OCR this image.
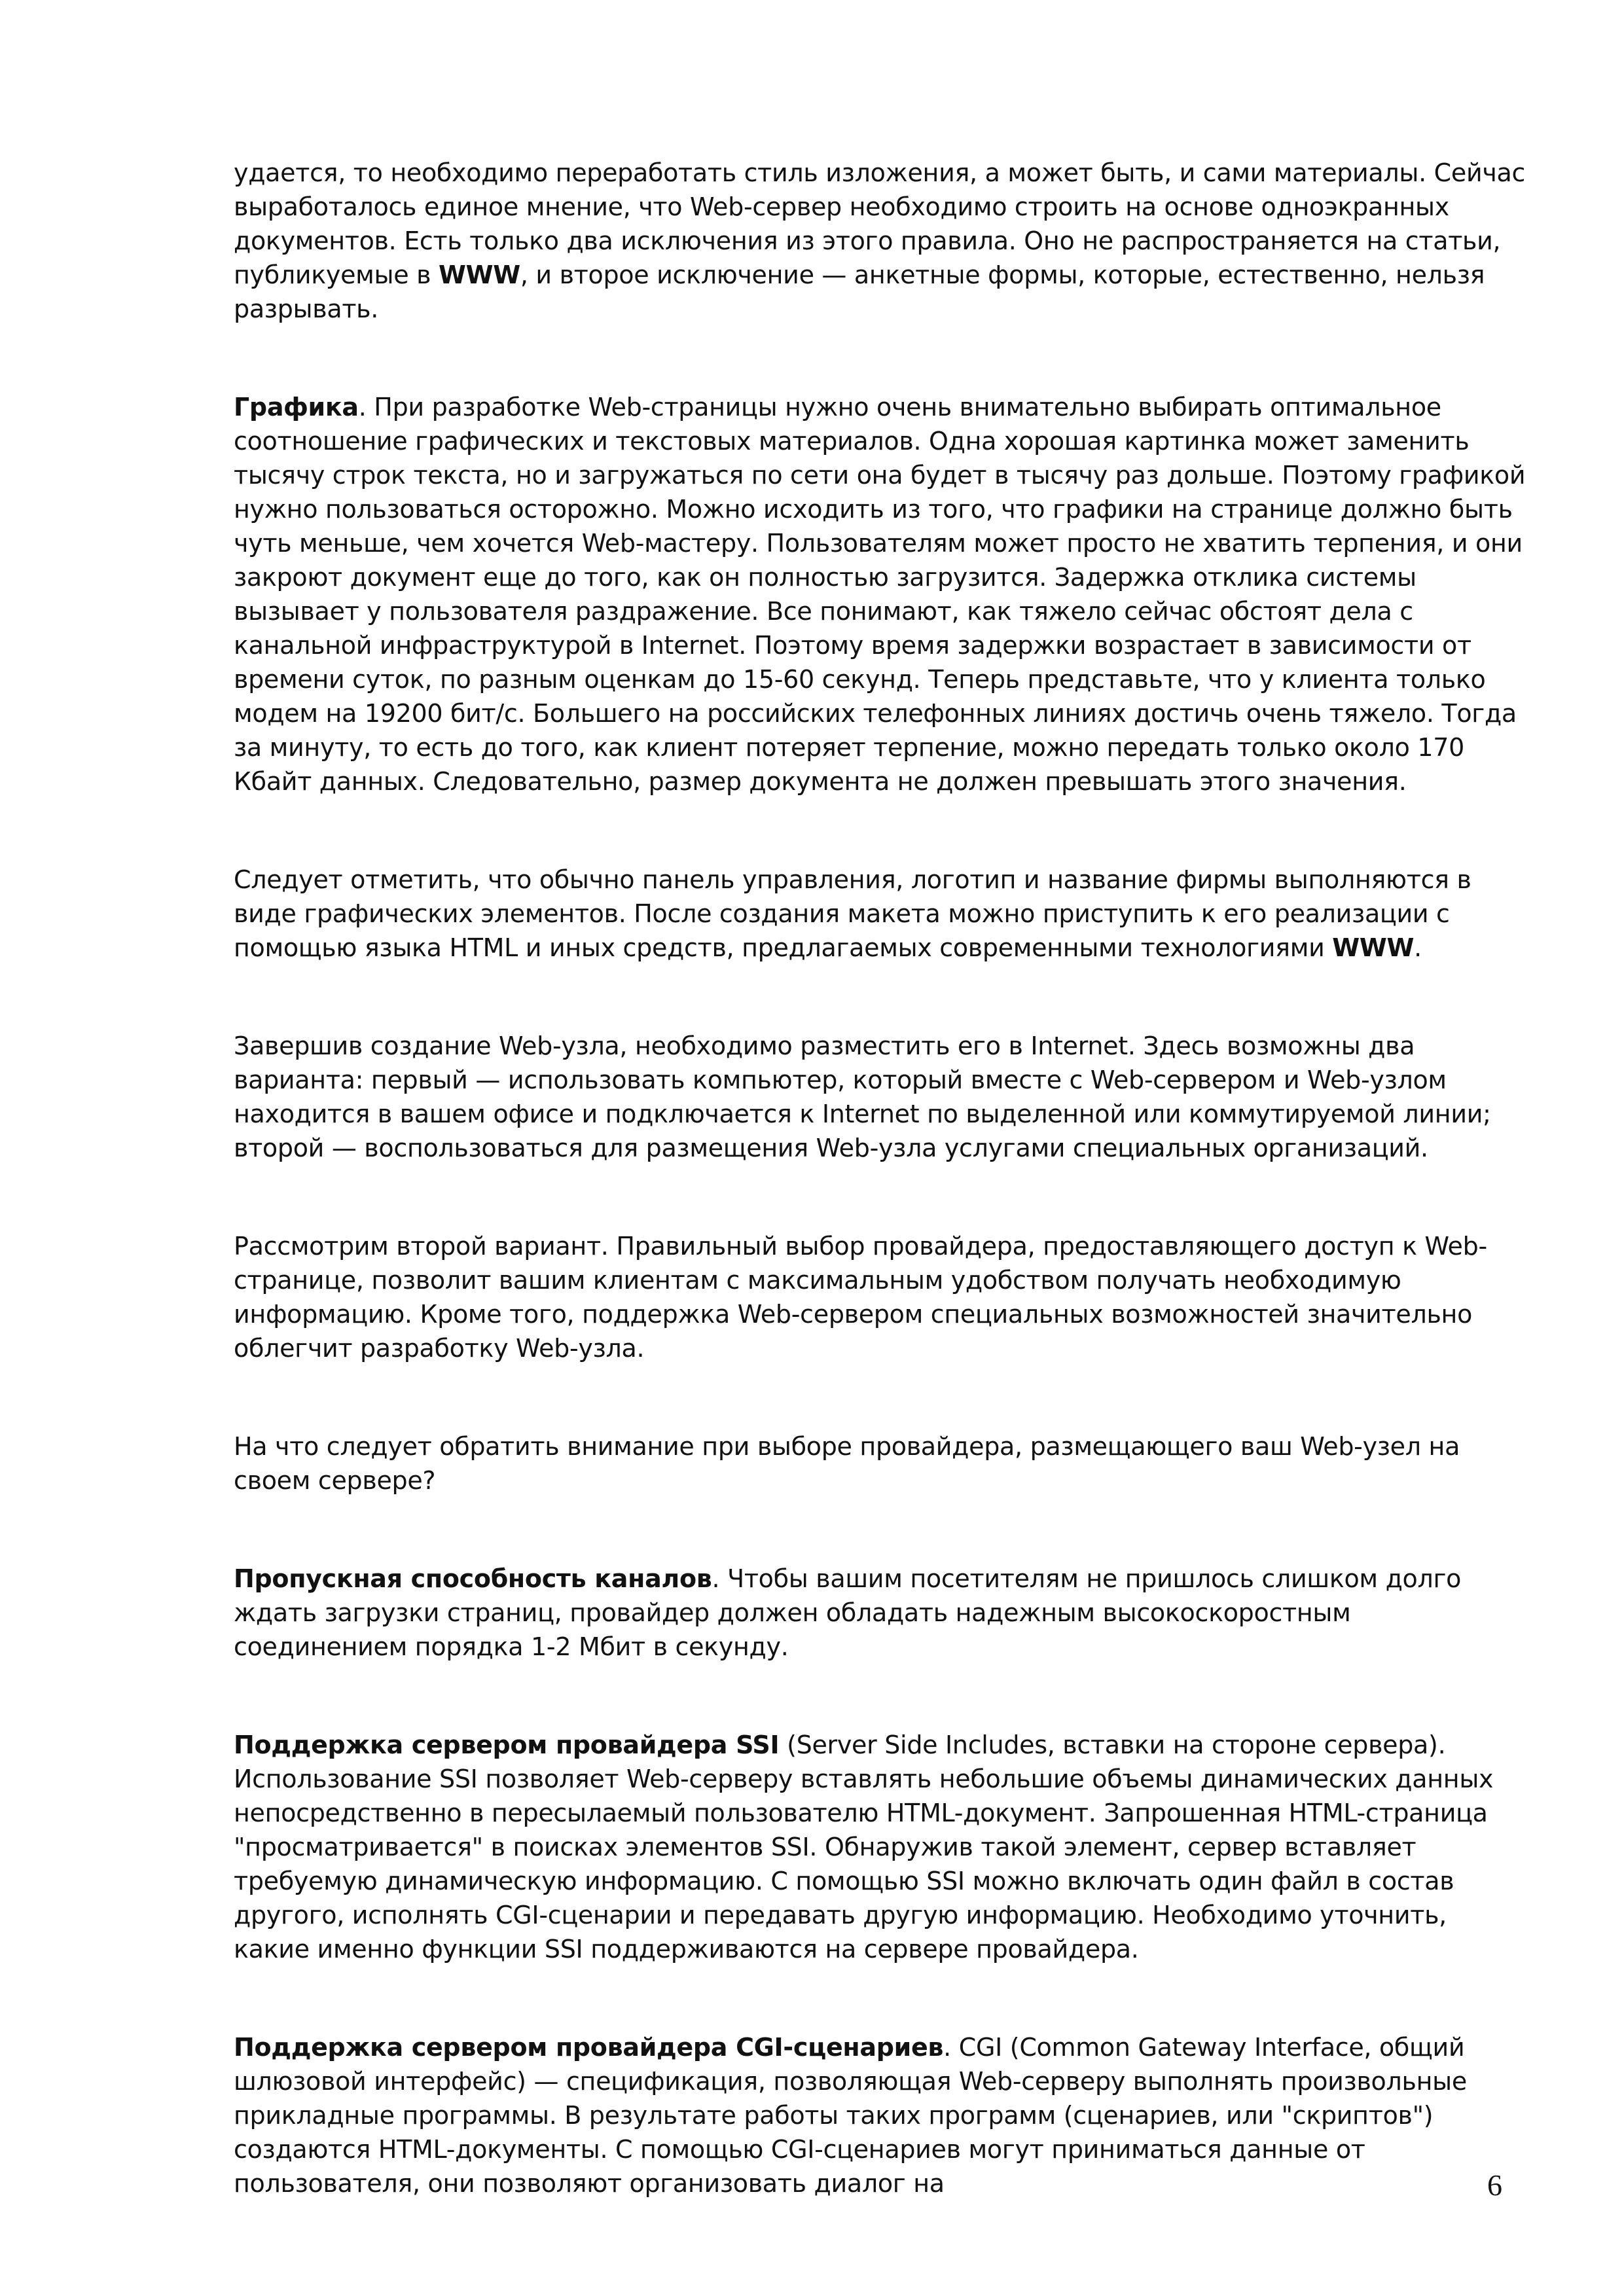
удается, то необходимо переработать стиль изложения, а может быть, и сами материалы. Сейчас выработалось единое мнение, что Web-сервер необходимо строить на основе одноэкранных документов. Есть только два исключения из этого правила. Оно не распространяется на статьи, публикуемые в WWW, и второе исключение — анкетные формы, которые, естественно, нельзя разрывать.

Графика. При разработке Web-страницы нужно очень внимательно выбирать оптимальное соотношение графических и текстовых материалов. Одна хорошая картинка может заменить тысячу строк текста, но и загружаться по сети она будет в тысячу раз дольше. Поэтому графикой нужно пользоваться осторожно. Можно исходить из того, что графики на странице должно быть чуть меньше, чем хочется Web-мастеру. Пользователям может просто не хватить терпения, и они закроют документ еще до того, как он полностью загрузится. Задержка отклика системы вызывает у пользователя раздражение. Все понимают, как тяжело сейчас обстоят дела с канальной инфраструктурой в Internet. Поэтому время задержки возрастает в зависимости от времени суток, по разным оценкам до 15-60 секунд. Теперь представьте, что у клиента только модем на 19200 бит/с. Большего на российских телефонных линиях достичь очень тяжело. Тогда за минуту, то есть до того, как клиент потеряет терпение, можно передать только около 170 Кбайт данных. Следовательно, размер документа не должен превышать этого значения.

Следует отметить, что обычно панель управления, логотип и название фирмы выполняются в виде графических элементов. После создания макета можно приступить к его реализации с помощью языка HTML и иных средств, предлагаемых современными технологиями WWW.

Завершив создание Web-узла, необходимо разместить его в Internet. Здесь возможны два варианта: первый — использовать компьютер, который вместе с Web-сервером и Web-узлом находится в вашем офисе и подключается к Internet по выделенной или коммутируемой линии; второй — воспользоваться для размещения Web-узла услугами специальных организаций.

Рассмотрим второй вариант. Правильный выбор провайдера, предоставляющего доступ к Web-странице, позволит вашим клиентам с максимальным удобством получать необходимую информацию. Кроме того, поддержка Web-сервером специальных возможностей значительно облегчит разработку Web-узла.

На что следует обратить внимание при выборе провайдера, размещающего ваш Web-узел на своем сервере?

Пропускная способность каналов. Чтобы вашим посетителям не пришлось слишком долго ждать загрузки страниц, провайдер должен обладать надежным высокоскоростным соединением порядка 1-2 Мбит в секунду.

Поддержка сервером провайдера SSI (Server Side Includes, вставки на стороне сервера). Использование SSI позволяет Web-серверу вставлять небольшие объемы динамических данных непосредственно в пересылаемый пользователю HTML-документ. Запрошенная HTML-страница "просматривается" в поисках элементов SSI. Обнаружив такой элемент, сервер вставляет требуемую динамическую информацию. С помощью SSI можно включать один файл в состав другого, исполнять CGI-сценарии и передавать другую информацию. Необходимо уточнить, какие именно функции SSI поддерживаются на сервере провайдера.

Поддержка сервером провайдера CGI-сценариев. CGI (Common Gateway Interface, общий шлюзовой интерфейс) — спецификация, позволяющая Web-серверу выполнять произвольные прикладные программы. В результате работы таких программ (сценариев, или "скриптов") создаются HTML-документы. С помощью CGI-сценариев могут приниматься данные от пользователя, они позволяют организовать диалог на	6
